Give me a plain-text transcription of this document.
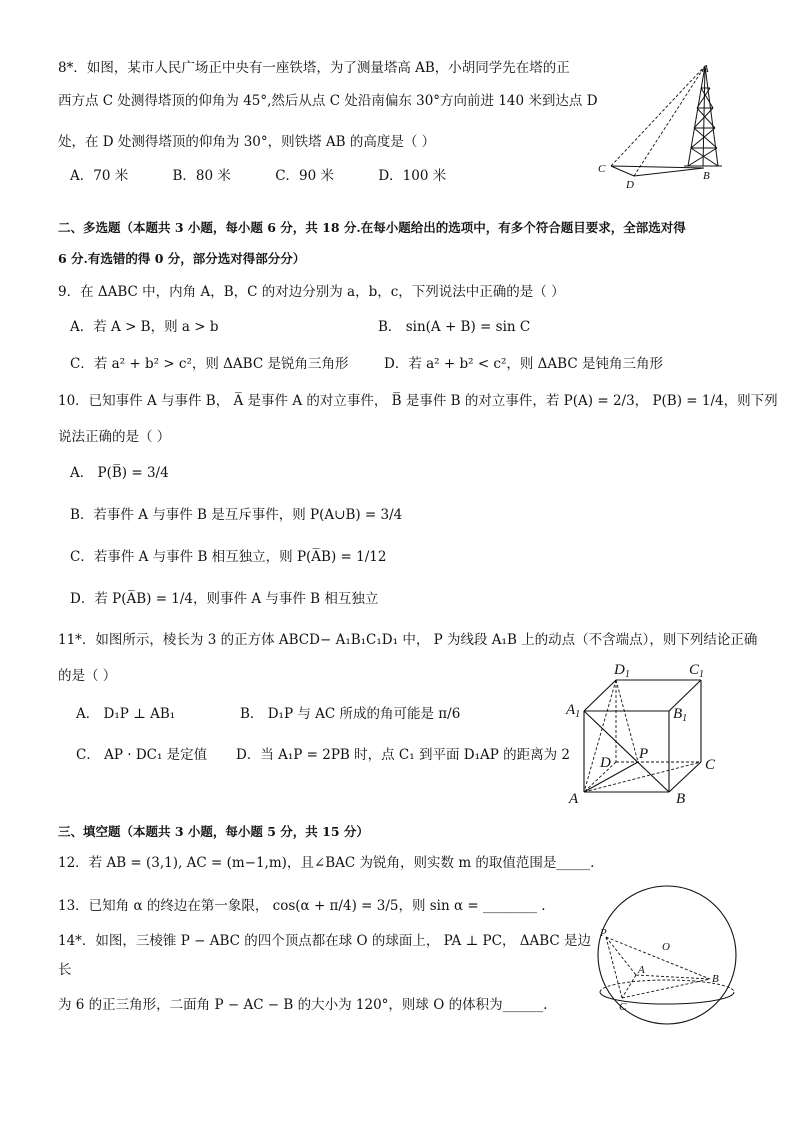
8*．如图，某市人民广场正中央有一座铁塔，为了测量塔高 AB，小胡同学先在塔的正
西方点 C 处测得塔顶的仰角为 45°,然后从点 C 处沿南偏东 30°方向前进 140 米到达点 D
处，在 D 处测得塔顶的仰角为 30°，则铁塔 AB 的高度是（ ）
A．70 米	B．80 米	C．90 米	D．100 米
A
B
C
D
二、多选题（本题共 3 小题，每小题 6 分，共 18 分.在每小题给出的选项中，有多个符合题目要求，全部选对得
6 分.有选错的得 0 分，部分选对得部分分）
9．在 ΔABC 中，内角 A，B，C 的对边分别为 a，b，c，下列说法中正确的是（ ）
A．若 A > B，则 a > b	B． sin(A + B) = sin C
C．若 a² + b² > c²，则 ΔABC 是锐角三角形	D．若 a² + b² < c²，则 ΔABC 是钝角三角形
10．已知事件 A 与事件 B， A̅ 是事件 A 的对立事件， B̅ 是事件 B 的对立事件，若 P(A) = 2/3， P(B) = 1/4，则下列
说法正确的是（ ）
A． P(B̅) = 3/4
B．若事件 A 与事件 B 是互斥事件，则 P(A∪B) = 3/4
C．若事件 A 与事件 B 相互独立，则 P(A̅B) = 1/12
D．若 P(A̅B) = 1/4，则事件 A 与事件 B 相互独立
11*．如图所示，棱长为 3 的正方体 ABCD− A₁B₁C₁D₁ 中， P 为线段 A₁B 上的动点（不含端点），则下列结论正确
的是（ ）
A． D₁P ⊥ AB₁	B． D₁P 与 AC 所成的角可能是 π/6
C． AP · DC₁ 是定值 D．当 A₁P = 2PB 时，点 C₁ 到平面 D₁AP 的距离为 2
$D_1$	$C_1$
$A_1$	$B_1$
P
D	C
A	B
三、填空题（本题共 3 小题，每小题 5 分，共 15 分）
12．若 AB = (3,1), AC = (m−1,m)，且∠BAC 为锐角，则实数 m 的取值范围是_____.
13．已知角 α 的终边在第一象限， cos(α + π/4) = 3/5，则 sin α = ________ .
14*．如图，三棱锥 P − ABC 的四个顶点都在球 O 的球面上， PA ⊥ PC， ΔABC 是边
长
为 6 的正三角形，二面角 P − AC − B 的大小为 120°，则球 O 的体积为______.
P
O
A
B
C
